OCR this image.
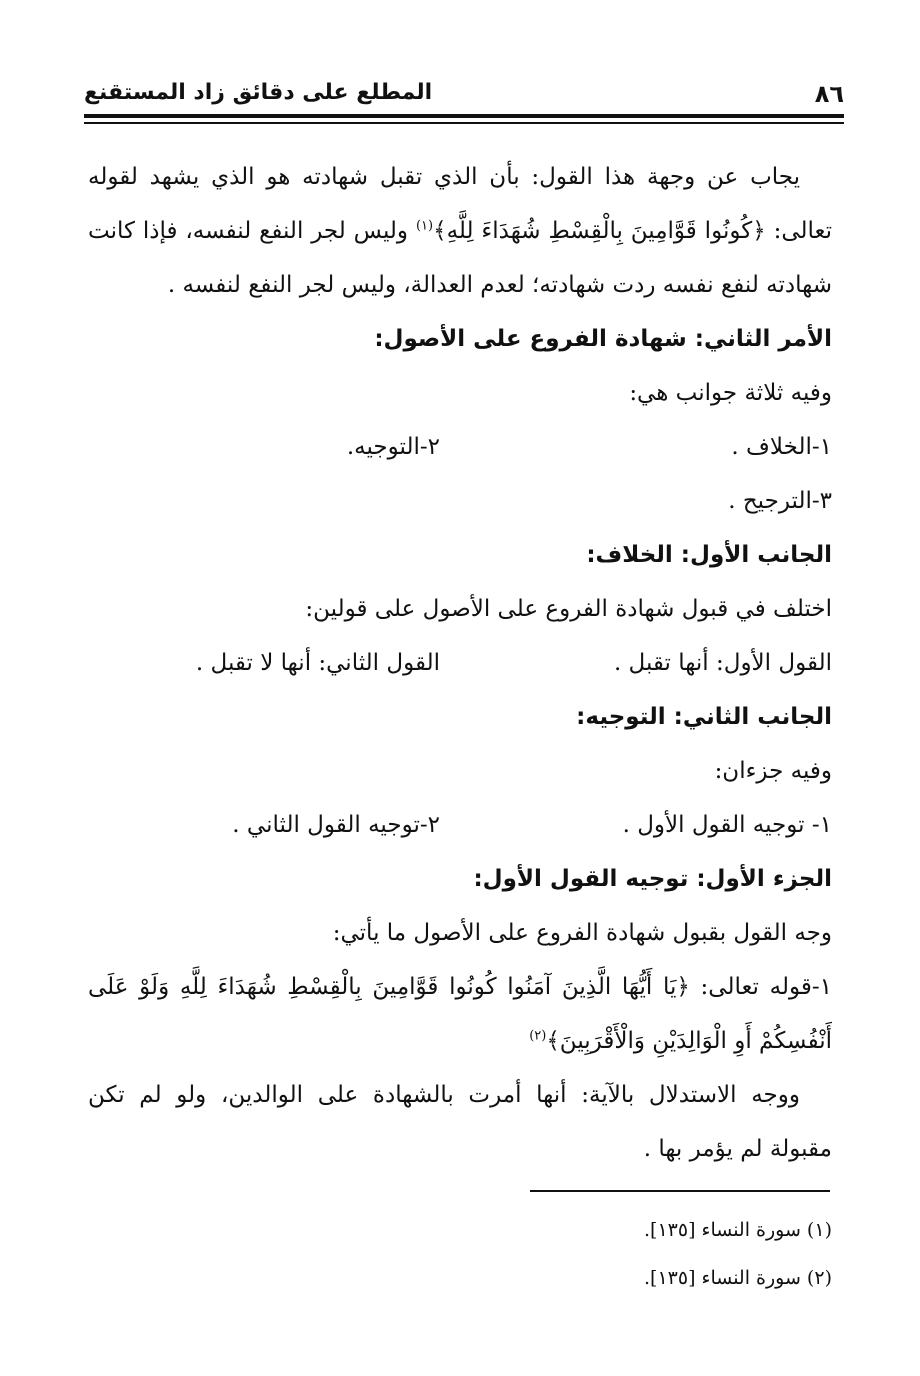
٨٦
المطلع على دقائق زاد المستقنع
يجاب عن وجهة هذا القول: بأن الذي تقبل شهادته هو الذي يشهد لقوله
تعالى: ﴿كُونُوا قَوَّامِينَ بِالْقِسْطِ شُهَدَاءَ لِلَّهِ﴾$^{(١)}$ وليس لجر النفع لنفسه، فإذا كانت
شهادته لنفع نفسه ردت شهادته؛ لعدم العدالة، وليس لجر النفع لنفسه .
الأمر الثاني: شهادة الفروع على الأصول:
وفيه ثلاثة جوانب هي:
١-الخلاف .
٢-التوجيه.
٣-الترجيح .
الجانب الأول: الخلاف:
اختلف في قبول شهادة الفروع على الأصول على قولين:
القول الأول: أنها تقبل .
القول الثاني: أنها لا تقبل .
الجانب الثاني: التوجيه:
وفيه جزءان:
١- توجيه القول الأول .
٢-توجيه القول الثاني .
الجزء الأول: توجيه القول الأول:
وجه القول بقبول شهادة الفروع على الأصول ما يأتي:
١-قوله تعالى: ﴿يَا أَيُّهَا الَّذِينَ آمَنُوا كُونُوا قَوَّامِينَ بِالْقِسْطِ شُهَدَاءَ لِلَّهِ وَلَوْ عَلَى
أَنْفُسِكُمْ أَوِ الْوَالِدَيْنِ وَالْأَقْرَبِينَ﴾$^{(٢)}$
ووجه الاستدلال بالآية: أنها أمرت بالشهادة على الوالدين، ولو لم تكن
مقبولة لم يؤمر بها .
(١) سورة النساء [١٣٥].
(٢) سورة النساء [١٣٥].
